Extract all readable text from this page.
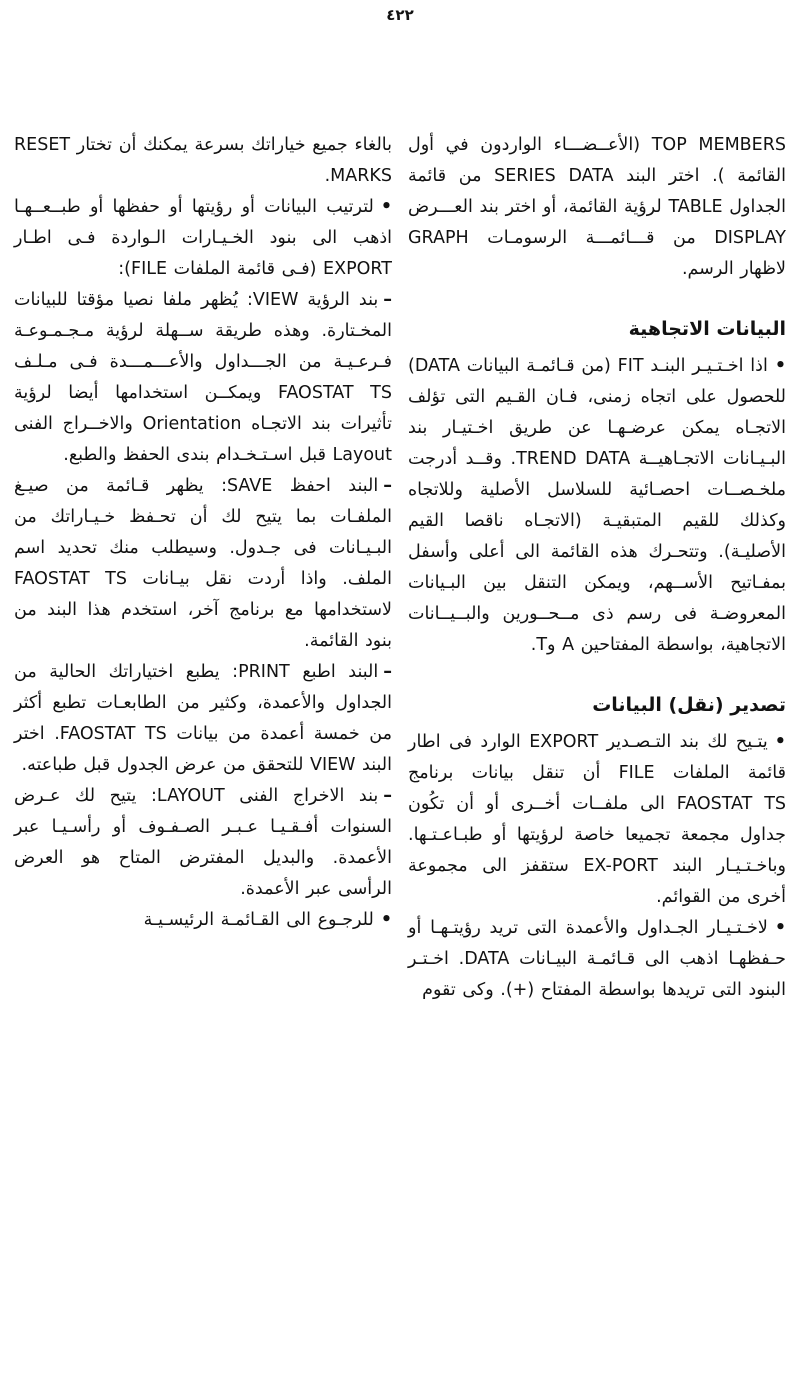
٤٢٢

TOP MEMBERS (الأعــضـــاء الواردون في أول القائمة ). اختر البند SERIES DATA من قائمة الجداول TABLE لرؤية القائمة، أو اختر بند العـــرض DISPLAY من قـــائمـــة الرسومـات GRAPH لاظهار الرسم.

البيانات الاتجاهية

•اذا اخـتـيـر البنـد FIT (من قـائمـة البيانات DATA) للحصول على اتجاه زمنى، فـان القـيم التى تؤلف الاتجـاه يمكن عرضـهـا عن طريق اخـتيـار بند البـيـانات الاتجـاهيــة TREND DATA. وقــد أدرجت ملخـصــات احصـائية للسلاسل الأصلية وللاتجاه وكذلك للقيم المتبقيـة (الاتجـاه ناقصا القيم الأصليـة). وتتحـرك هذه القائمة الى أعلى وأسفل بمفـاتيح الأســهم، ويمكن التنقل بين البـيانات المعروضـة فى رسم ذى مــحــورين والبــيــانات الاتجاهية، بواسطة المفتاحين A وT.

تصدير (نقل) البيانات

•يتـيح لك بند التـصـدير EXPORT الوارد فى اطار قائمة الملفات FILE أن تنقل بيانات برنامج FAOSTAT TS الى ملفــات أخــرى أو أن تكُون جداول مجمعة تجميعا خاصة لرؤيتها أو طبـاعـتـها. وباخـتـيـار البند EX-PORT ستقفز الى مجموعة أخرى من القوائم.

•لاخـتـيـار الجـداول والأعمدة التى تريد رؤيتـهـا أو حـفظهـا اذهب الى قـائمـة البيـانات DATA. اخـتـر البنود التى تريدها بواسطة المفتاح (+). وكى تقوم

بالغاء جميع خياراتك بسرعة يمكنك أن تختار RESET MARKS.

•لترتيب البيانات أو رؤيتها أو حفظها أو طبــعــهـا اذهب الى بنود الخـيـارات الـواردة فـى اطـار EXPORT (فـى قائمة الملفات FILE):

–بند الرؤية VIEW: يُظهر ملفا نصيا مؤقتا للبيانات المخـتارة. وهذه طريقة ســهلة لرؤية مـجـمـوعـة فـرعـيـة من الجـــداول والأعـــمـــدة فـى مـلـف FAOSTAT TS ويمكــن استخدامها أيضا لرؤية تأثيرات بند الاتجـاه Orientation والاخــراج الفنى Layout قبل اسـتـخـدام بندى الحفظ والطبع.

–البند احفظ SAVE: يظهر قـائمة من صيـغ الملفـات بما يتيح لك أن تحـفظ خـيـاراتك من البـيـانات فى جـدول. وسيطلب منك تحديد اسم الملف. واذا أردت نقل بيـانات FAOSTAT TS لاستخدامها مع برنامج آخر، استخدم هذا البند من بنود القائمة.

–البند اطبع PRINT: يطبع اختياراتك الحالية من الجداول والأعمدة، وكثير من الطابعـات تطبع أكثر من خمسة أعمدة من بيانات FAOSTAT TS. اختر البند VIEW للتحقق من عرض الجدول قبل طباعته.

–بند الاخراج الفنى LAYOUT: يتيح لك عـرض السنوات أفـقـيـا عـبـر الصـفـوف أو رأسـيـا عبر الأعمدة. والبديل المفترض المتاح هو العرض الرأسى عبر الأعمدة.

•للرجـوع الى القـائمـة الرئيسـيـة
